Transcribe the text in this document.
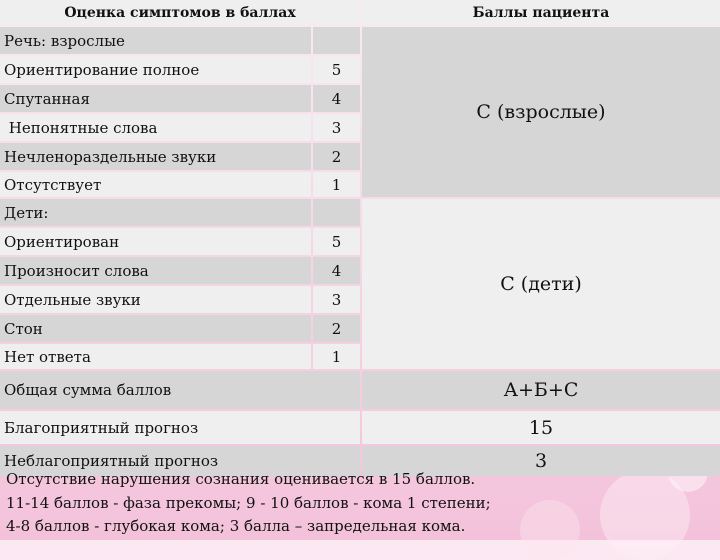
Оценка симптомов в баллах	Баллы пациента
Речь: взрослые
Ориентирование полное	5
Спутанная	4
Непонятные слова	3
Нечленораздельные звуки	2
Отсутствует	1
С (взрослые)
Дети:
Ориентирован	5
Произносит слова	4
Отдельные звуки	3
Стон	2
Нет ответа	1
С (дети)
Общая сумма баллов	А+Б+С
Благоприятный прогноз	15
Неблагоприятный прогноз	3
Отсутствие нарушения сознания оценивается в 15 баллов.
11-14 баллов - фаза прекомы; 9 - 10 баллов - кома 1 степени;
4-8 баллов - глубокая кома; 3 балла – запредельная кома.
